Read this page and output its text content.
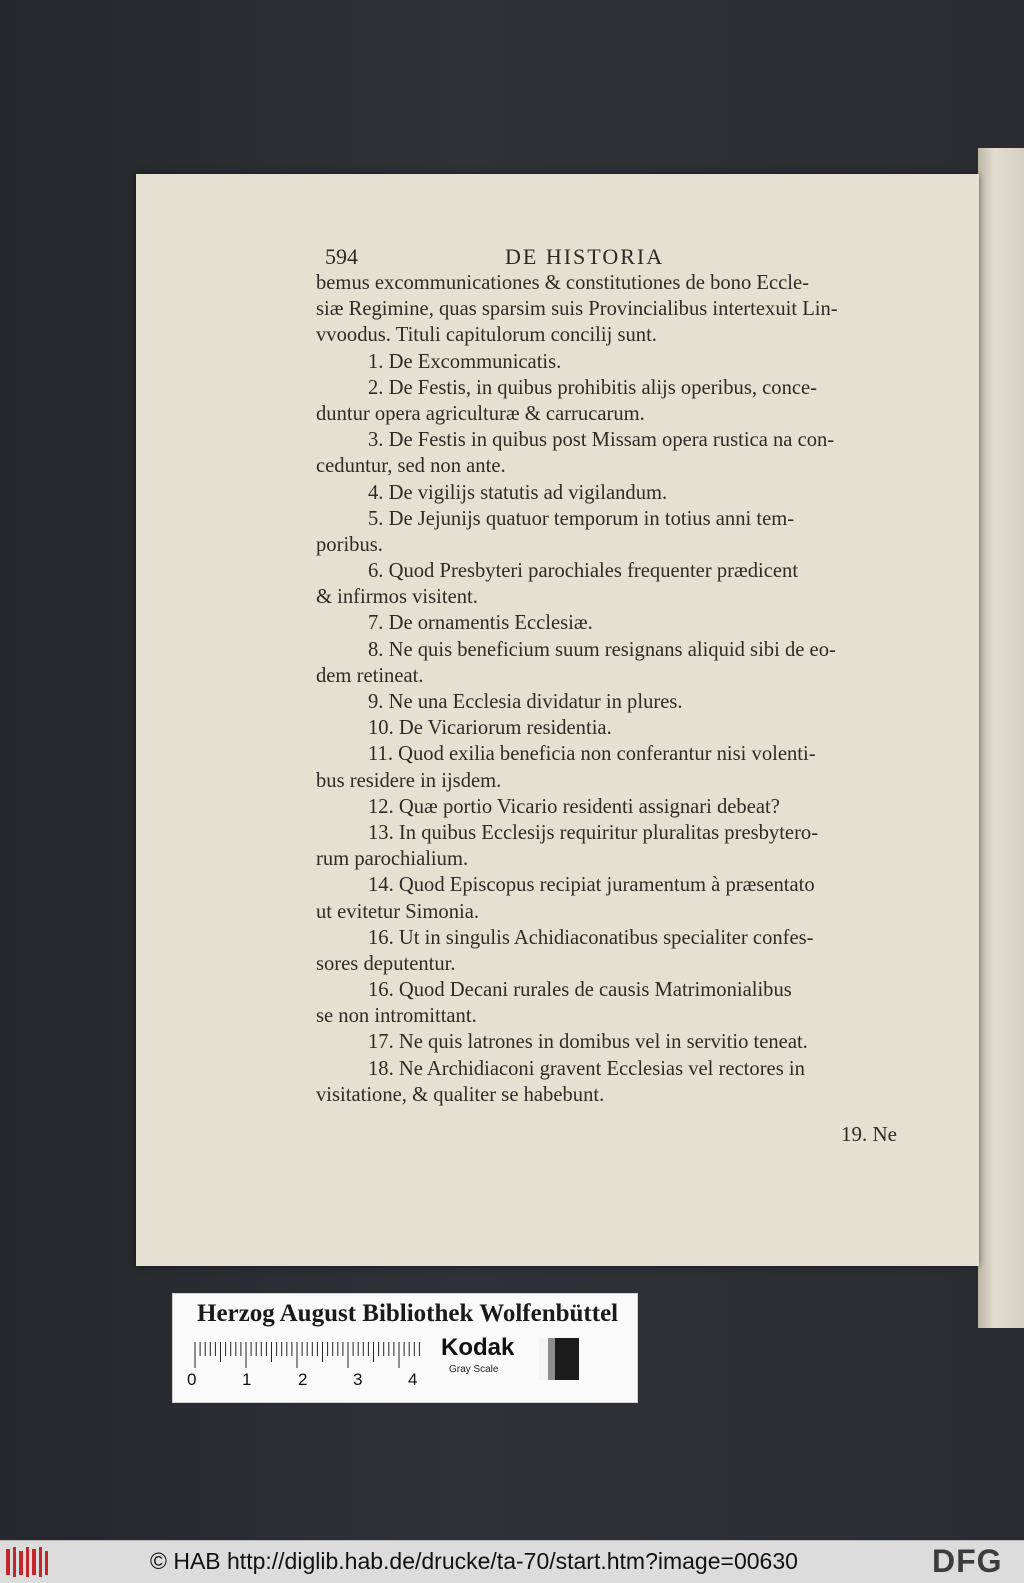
594	DE HISTORIA
bemus excommunicationes & constitutiones de bono Eccle-
siæ Regimine, quas sparsim suis Provincialibus intertexuit Lin-
vvoodus. Tituli capitulorum concilij sunt.
1. De Excommunicatis.
2. De Festis, in quibus prohibitis alijs operibus, conce-
duntur opera agriculturæ & carrucarum.
3. De Festis in quibus post Missam opera rustica na con-
ceduntur, sed non ante.
4. De vigilijs statutis ad vigilandum.
5. De Jejunijs quatuor temporum in totius anni tem-
poribus.
6. Quod Presbyteri parochiales frequenter prædicent
& infirmos visitent.
7. De ornamentis Ecclesiæ.
8. Ne quis beneficium suum resignans aliquid sibi de eo-
dem retineat.
9. Ne una Ecclesia dividatur in plures.
10. De Vicariorum residentia.
11. Quod exilia beneficia non conferantur nisi volenti-
bus residere in ijsdem.
12. Quæ portio Vicario residenti assignari debeat?
13. In quibus Ecclesijs requiritur pluralitas presbytero-
rum parochialium.
14. Quod Episcopus recipiat juramentum à præsentato
ut evitetur Simonia.
16. Ut in singulis Achidiaconatibus specialiter confes-
sores deputentur.
16. Quod Decani rurales de causis Matrimonialibus
se non intromittant.
17. Ne quis latrones in domibus vel in servitio teneat.
18. Ne Archidiaconi gravent Ecclesias vel rectores in
visitatione, & qualiter se habebunt.
19. Ne
Herzog August Bibliothek Wolfenbüttel
0	1	2	3	4
Kodak
Gray Scale
© HAB http://diglib.hab.de/drucke/ta-70/start.htm?image=00630	DFG
